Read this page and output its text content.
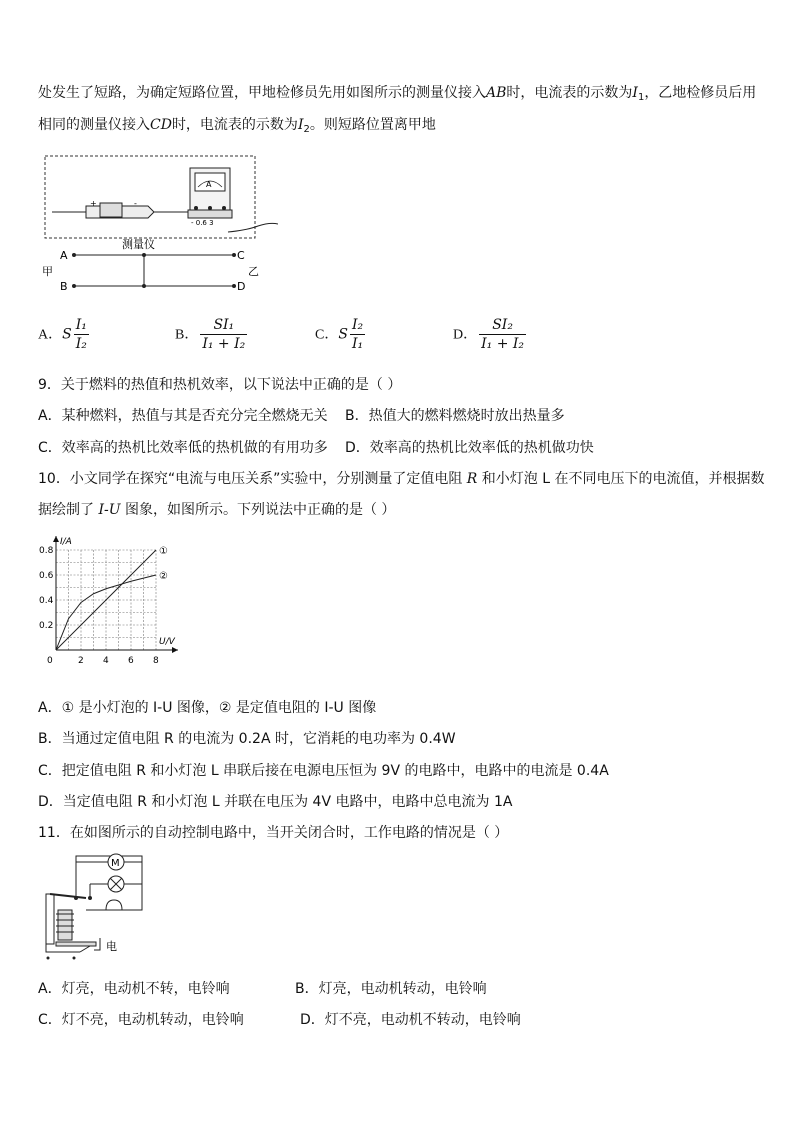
处发生了短路，为确定短路位置，甲地检修员先用如图所示的测量仪接入AB时，电流表的示数为$I_1$，乙地检修员后用
相同的测量仪接入CD时，电流表的示数为$I_2$。则短路位置离甲地
+	-
A
- 0.6 3
测量仪
A
B
C
D
甲	乙
A．S $\frac{\text{I₁}}{\text{I₂}}$	B． $\frac{\text{SI₁}}{\text{I₁ + I₂}}$	C．S $\frac{\text{I₂}}{\text{I₁}}$	D． $\frac{\text{SI₂}}{\text{I₁ + I₂}}$
9．关于燃料的热值和热机效率，以下说法中正确的是（ ）
A．某种燃料，热值与其是否充分完全燃烧无关 B．热值大的燃料燃烧时放出热量多
C．效率高的热机比效率低的热机做的有用功多 D．效率高的热机比效率低的热机做功快
10．小文同学在探究“电流与电压关系”实验中，分别测量了定值电阻 R 和小灯泡 L 在不同电压下的电流值，并根据数
据绘制了 I-U 图象，如图所示。下列说法中正确的是（ ）
①
②
0	2 4 6 8
0.2
0.4
0.6
0.8
U/V
I/A
A．① 是小灯泡的 I-U 图像，② 是定值电阻的 I-U 图像
B．当通过定值电阻 R 的电流为 0.2A 时，它消耗的电功率为 0.4W
C．把定值电阻 R 和小灯泡 L 串联后接在电源电压恒为 9V 的电路中，电路中的电流是 0.4A
D．当定值电阻 R 和小灯泡 L 并联在电压为 4V 电路中，电路中总电流为 1A
11．在如图所示的自动控制电路中，当开关闭合时，工作电路的情况是（ ）
M
电
A．灯亮，电动机不转，电铃响	B．灯亮，电动机转动，电铃响
C．灯不亮，电动机转动，电铃响	D．灯不亮，电动机不转动，电铃响
